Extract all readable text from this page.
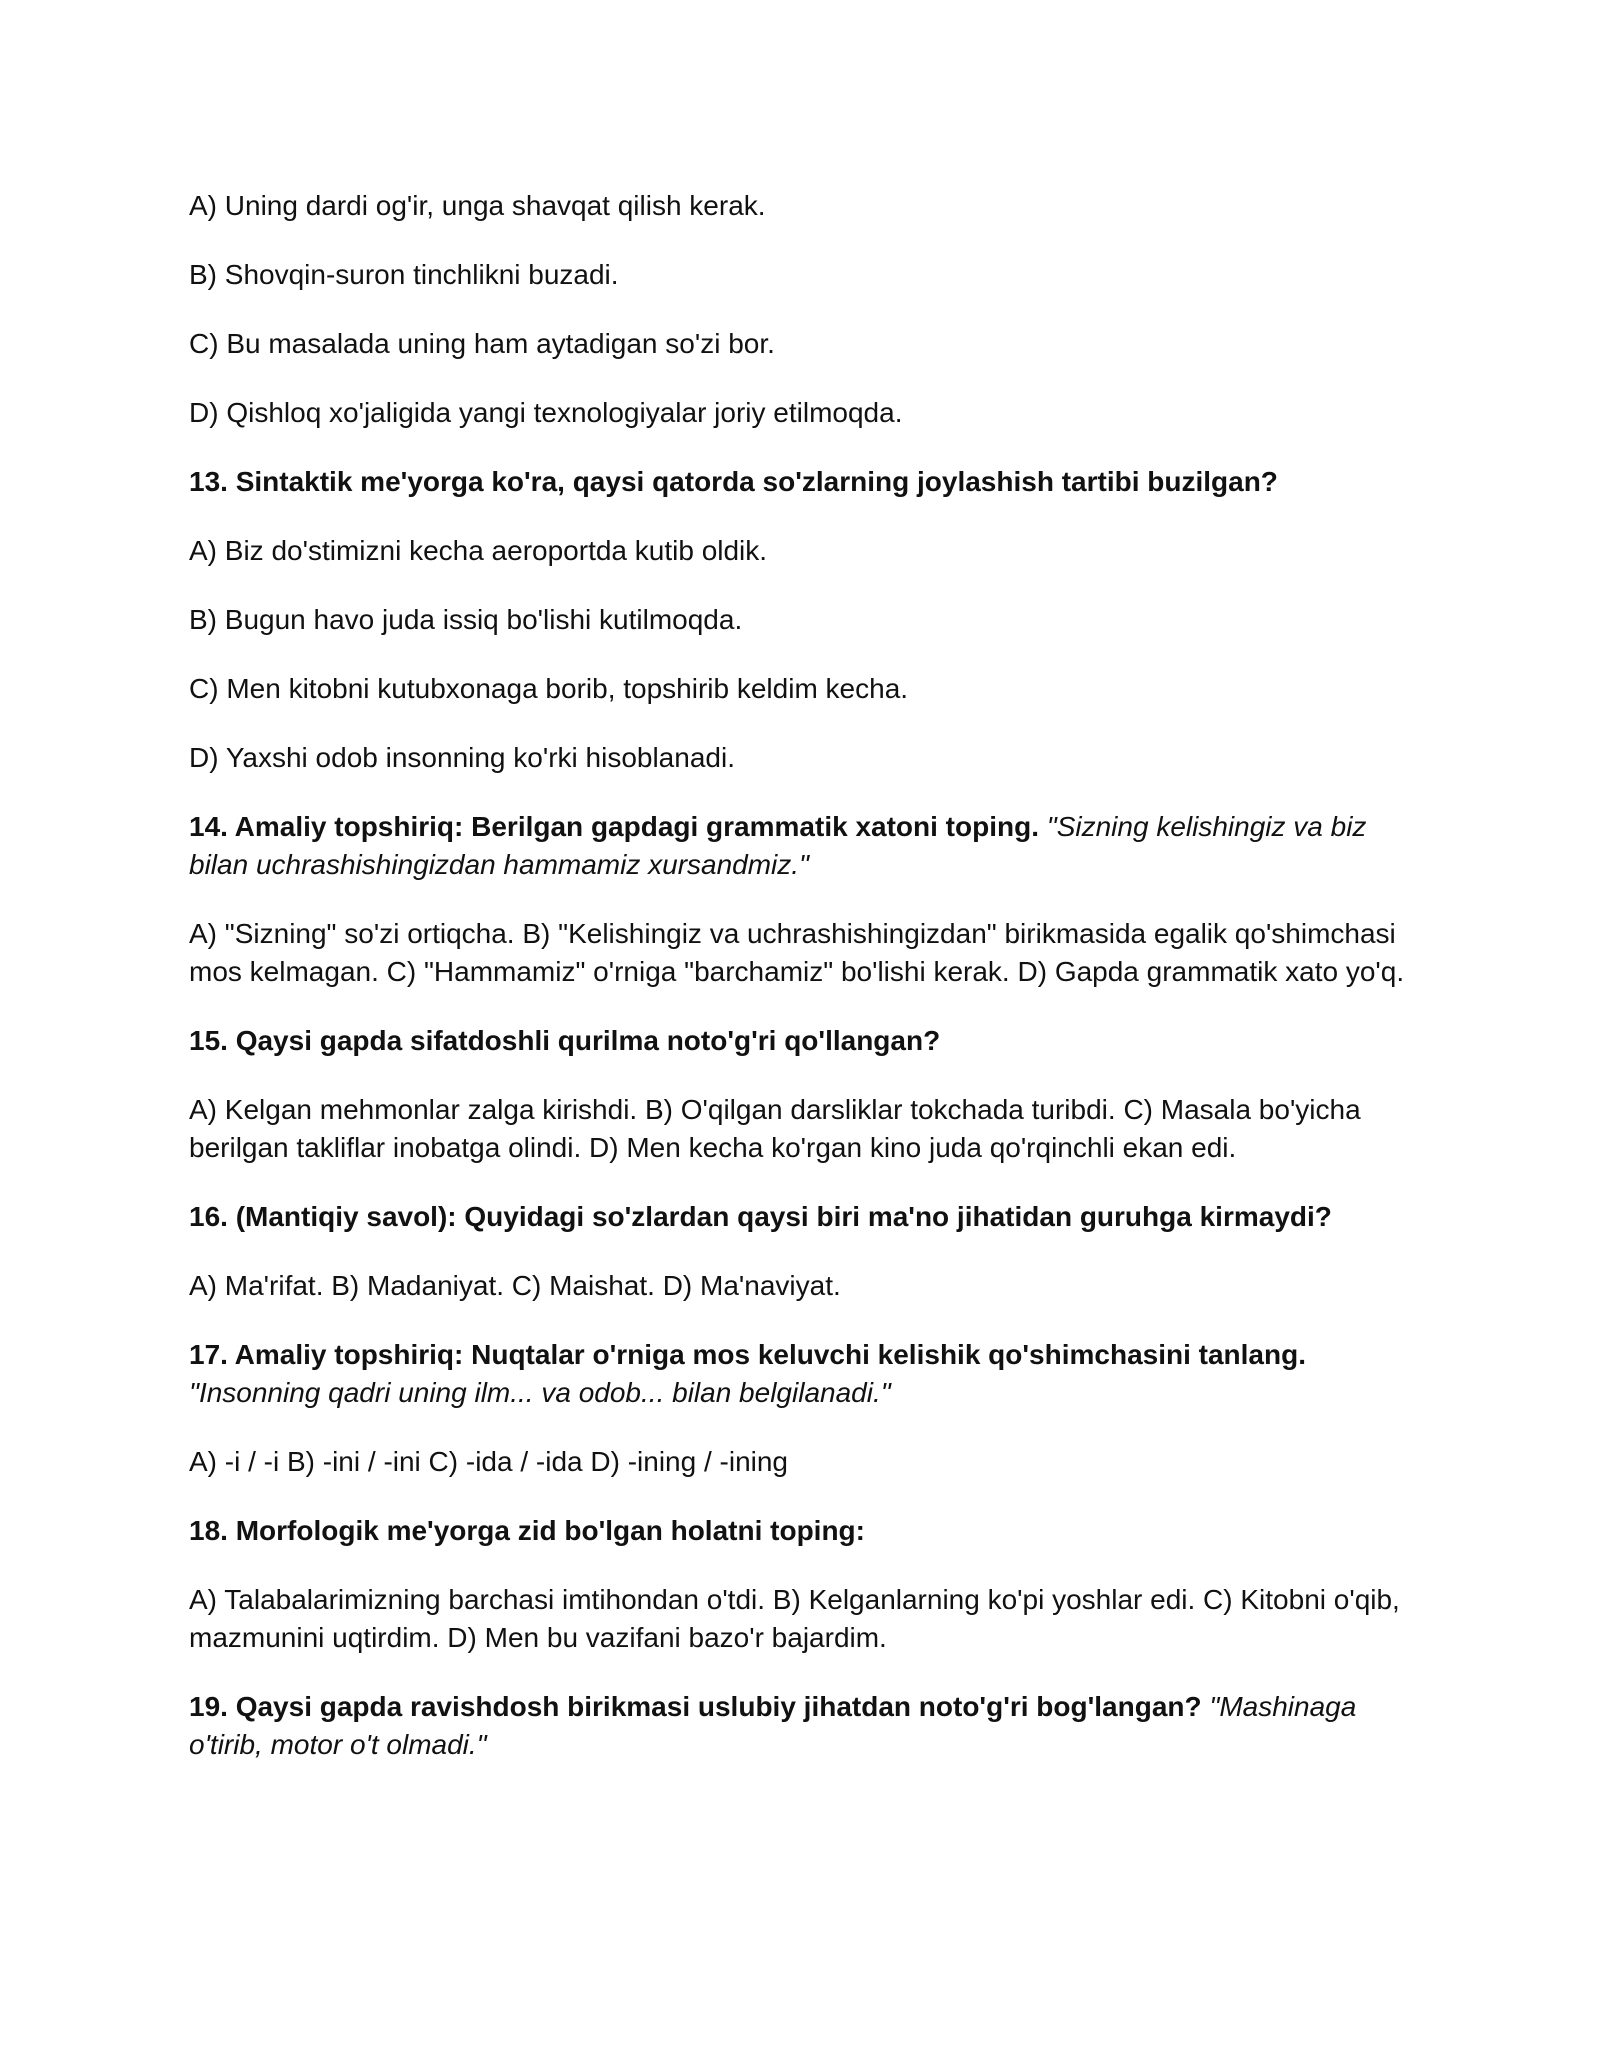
A) Uning dardi og'ir, unga shavqat qilish kerak.

B) Shovqin-suron tinchlikni buzadi.

C) Bu masalada uning ham aytadigan so'zi bor.

D) Qishloq xo'jaligida yangi texnologiyalar joriy etilmoqda.

13. Sintaktik me'yorga ko'ra, qaysi qatorda so'zlarning joylashish tartibi buzilgan?

A) Biz do'stimizni kecha aeroportda kutib oldik.

B) Bugun havo juda issiq bo'lishi kutilmoqda.

C) Men kitobni kutubxonaga borib, topshirib keldim kecha.

D) Yaxshi odob insonning ko'rki hisoblanadi.

14. Amaliy topshiriq: Berilgan gapdagi grammatik xatoni toping. "Sizning kelishingiz va biz bilan uchrashishingizdan hammamiz xursandmiz."

A) "Sizning" so'zi ortiqcha. B) "Kelishingiz va uchrashishingizdan" birikmasida egalik qo'shimchasi mos kelmagan. C) "Hammamiz" o'rniga "barchamiz" bo'lishi kerak. D) Gapda grammatik xato yo'q.

15. Qaysi gapda sifatdoshli qurilma noto'g'ri qo'llangan?

A) Kelgan mehmonlar zalga kirishdi. B) O'qilgan darsliklar tokchada turibdi. C) Masala bo'yicha berilgan takliflar inobatga olindi. D) Men kecha ko'rgan kino juda qo'rqinchli ekan edi.

16. (Mantiqiy savol): Quyidagi so'zlardan qaysi biri ma'no jihatidan guruhga kirmaydi?

A) Ma'rifat. B) Madaniyat. C) Maishat. D) Ma'naviyat.

17. Amaliy topshiriq: Nuqtalar o'rniga mos keluvchi kelishik qo'shimchasini tanlang. "Insonning qadri uning ilm... va odob... bilan belgilanadi."

A) -i / -i B) -ini / -ini C) -ida / -ida D) -ining / -ining

18. Morfologik me'yorga zid bo'lgan holatni toping:

A) Talabalarimizning barchasi imtihondan o'tdi. B) Kelganlarning ko'pi yoshlar edi. C) Kitobni o'qib, mazmunini uqtirdim. D) Men bu vazifani bazo'r bajardim.

19. Qaysi gapda ravishdosh birikmasi uslubiy jihatdan noto'g'ri bog'langan? "Mashinaga o'tirib, motor o't olmadi."
